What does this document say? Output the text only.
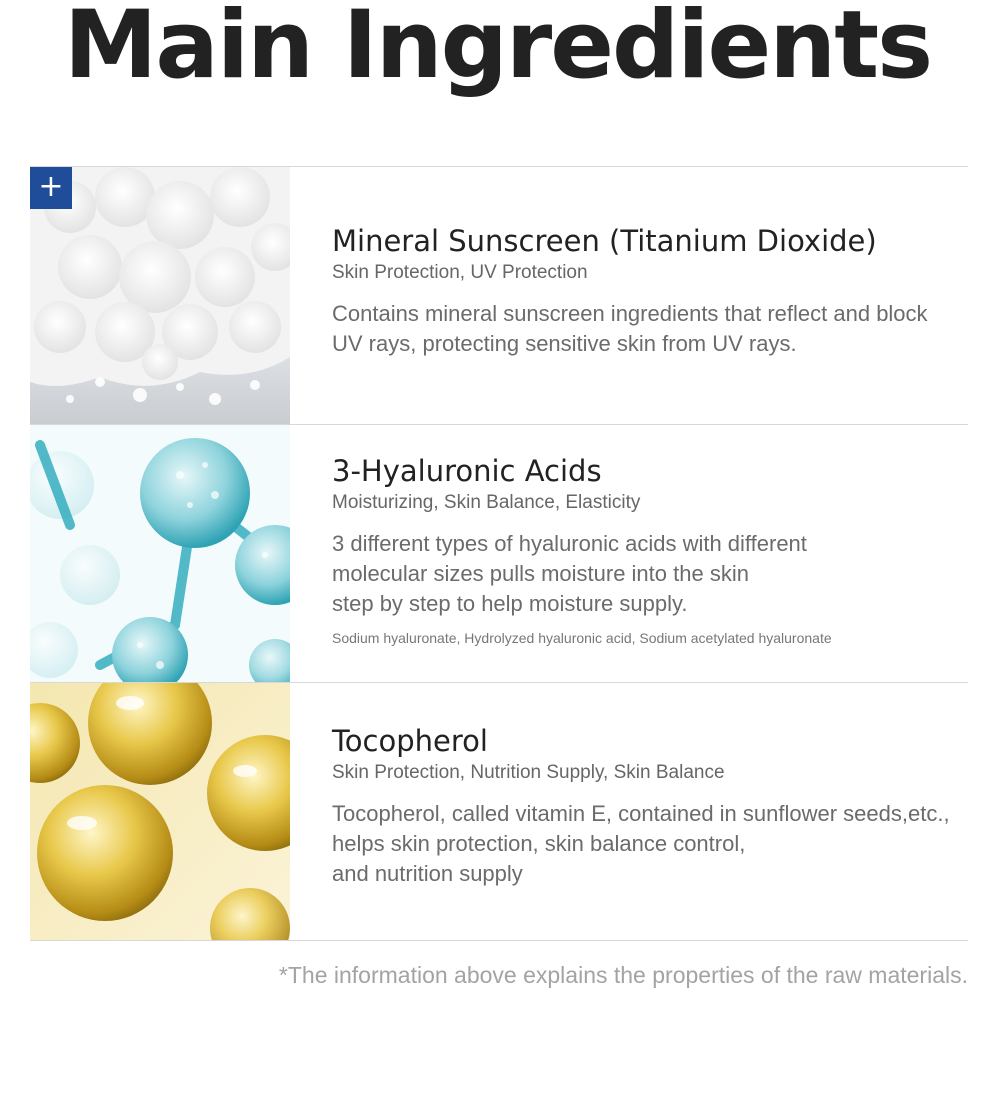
Main Ingredients
+
Mineral Sunscreen (Titanium Dioxide)
Skin Protection, UV Protection
Contains mineral sunscreen ingredients that reflect and block
UV rays, protecting sensitive skin from UV rays.
3-Hyaluronic Acids
Moisturizing, Skin Balance, Elasticity
3 different types of hyaluronic acids with different
molecular sizes pulls moisture into the skin
step by step to help moisture supply.
Sodium hyaluronate, Hydrolyzed hyaluronic acid, Sodium acetylated hyaluronate
Tocopherol
Skin Protection, Nutrition Supply, Skin Balance
Tocopherol, called vitamin E, contained in sunflower seeds,etc.,
helps skin protection, skin balance control,
and nutrition supply
*The information above explains the properties of the raw materials.
